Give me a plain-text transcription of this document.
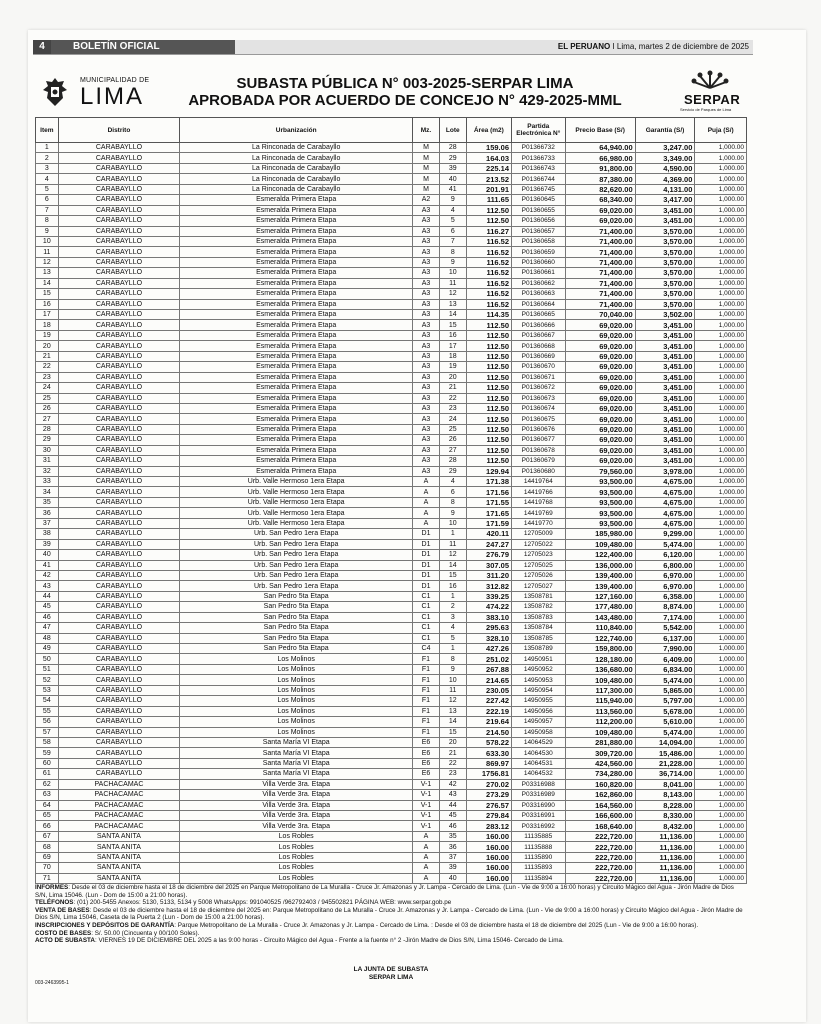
4	BOLETÍN OFICIAL	EL PERUANO I Lima, martes 2 de diciembre de 2025
MUNICIPALIDAD DE
LIMA	SUBASTA PÚBLICA N° 003-2025-SERPAR LIMA
APROBADA POR ACUERDO DE CONCEJO N° 429-2025-MML	SERPAR
Servicio de Parques de Lima
Item	Distrito	Urbanización	Mz.	Lote	Área (m2)	Partida Electrónica N°	Precio Base (S/)	Garantía (S/)	Puja (S/)
1	CARABAYLLO	La Rinconada de Carabayllo	M	28	159.06	P01366732	64,940.00	3,247.00	1,000.00
2	CARABAYLLO	La Rinconada de Carabayllo	M	29	164.03	P01366733	66,980.00	3,349.00	1,000.00
3	CARABAYLLO	La Rinconada de Carabayllo	M	39	225.14	P01366743	91,800.00	4,590.00	1,000.00
4	CARABAYLLO	La Rinconada de Carabayllo	M	40	213.52	P01366744	87,380.00	4,369.00	1,000.00
5	CARABAYLLO	La Rinconada de Carabayllo	M	41	201.91	P01366745	82,620.00	4,131.00	1,000.00
6	CARABAYLLO	Esmeralda Primera Etapa	A2	9	111.65	P01360645	68,340.00	3,417.00	1,000.00
7	CARABAYLLO	Esmeralda Primera Etapa	A3	4	112.50	P01360655	69,020.00	3,451.00	1,000.00
8	CARABAYLLO	Esmeralda Primera Etapa	A3	5	112.50	P01360656	69,020.00	3,451.00	1,000.00
9	CARABAYLLO	Esmeralda Primera Etapa	A3	6	116.27	P01360657	71,400.00	3,570.00	1,000.00
10	CARABAYLLO	Esmeralda Primera Etapa	A3	7	116.52	P01360658	71,400.00	3,570.00	1,000.00
11	CARABAYLLO	Esmeralda Primera Etapa	A3	8	116.52	P01360659	71,400.00	3,570.00	1,000.00
12	CARABAYLLO	Esmeralda Primera Etapa	A3	9	116.52	P01360660	71,400.00	3,570.00	1,000.00
13	CARABAYLLO	Esmeralda Primera Etapa	A3	10	116.52	P01360661	71,400.00	3,570.00	1,000.00
14	CARABAYLLO	Esmeralda Primera Etapa	A3	11	116.52	P01360662	71,400.00	3,570.00	1,000.00
15	CARABAYLLO	Esmeralda Primera Etapa	A3	12	116.52	P01360663	71,400.00	3,570.00	1,000.00
16	CARABAYLLO	Esmeralda Primera Etapa	A3	13	116.52	P01360664	71,400.00	3,570.00	1,000.00
17	CARABAYLLO	Esmeralda Primera Etapa	A3	14	114.35	P01360665	70,040.00	3,502.00	1,000.00
18	CARABAYLLO	Esmeralda Primera Etapa	A3	15	112.50	P01360666	69,020.00	3,451.00	1,000.00
19	CARABAYLLO	Esmeralda Primera Etapa	A3	16	112.50	P01360667	69,020.00	3,451.00	1,000.00
20	CARABAYLLO	Esmeralda Primera Etapa	A3	17	112.50	P01360668	69,020.00	3,451.00	1,000.00
21	CARABAYLLO	Esmeralda Primera Etapa	A3	18	112.50	P01360669	69,020.00	3,451.00	1,000.00
22	CARABAYLLO	Esmeralda Primera Etapa	A3	19	112.50	P01360670	69,020.00	3,451.00	1,000.00
23	CARABAYLLO	Esmeralda Primera Etapa	A3	20	112.50	P01360671	69,020.00	3,451.00	1,000.00
24	CARABAYLLO	Esmeralda Primera Etapa	A3	21	112.50	P01360672	69,020.00	3,451.00	1,000.00
25	CARABAYLLO	Esmeralda Primera Etapa	A3	22	112.50	P01360673	69,020.00	3,451.00	1,000.00
26	CARABAYLLO	Esmeralda Primera Etapa	A3	23	112.50	P01360674	69,020.00	3,451.00	1,000.00
27	CARABAYLLO	Esmeralda Primera Etapa	A3	24	112.50	P01360675	69,020.00	3,451.00	1,000.00
28	CARABAYLLO	Esmeralda Primera Etapa	A3	25	112.50	P01360676	69,020.00	3,451.00	1,000.00
29	CARABAYLLO	Esmeralda Primera Etapa	A3	26	112.50	P01360677	69,020.00	3,451.00	1,000.00
30	CARABAYLLO	Esmeralda Primera Etapa	A3	27	112.50	P01360678	69,020.00	3,451.00	1,000.00
31	CARABAYLLO	Esmeralda Primera Etapa	A3	28	112.50	P01360679	69,020.00	3,451.00	1,000.00
32	CARABAYLLO	Esmeralda Primera Etapa	A3	29	129.94	P01360680	79,560.00	3,978.00	1,000.00
33	CARABAYLLO	Urb. Valle Hermoso 1era Etapa	A	4	171.38	14419764	93,500.00	4,675.00	1,000.00
34	CARABAYLLO	Urb. Valle Hermoso 1era Etapa	A	6	171.56	14419766	93,500.00	4,675.00	1,000.00
35	CARABAYLLO	Urb. Valle Hermoso 1era Etapa	A	8	171.55	14419768	93,500.00	4,675.00	1,000.00
36	CARABAYLLO	Urb. Valle Hermoso 1era Etapa	A	9	171.65	14419769	93,500.00	4,675.00	1,000.00
37	CARABAYLLO	Urb. Valle Hermoso 1era Etapa	A	10	171.59	14419770	93,500.00	4,675.00	1,000.00
38	CARABAYLLO	Urb. San Pedro 1era Etapa	D1	1	420.11	12705009	185,980.00	9,299.00	1,000.00
39	CARABAYLLO	Urb. San Pedro 1era Etapa	D1	11	247.27	12705022	109,480.00	5,474.00	1,000.00
40	CARABAYLLO	Urb. San Pedro 1era Etapa	D1	12	276.79	12705023	122,400.00	6,120.00	1,000.00
41	CARABAYLLO	Urb. San Pedro 1era Etapa	D1	14	307.05	12705025	136,000.00	6,800.00	1,000.00
42	CARABAYLLO	Urb. San Pedro 1era Etapa	D1	15	311.20	12705026	139,400.00	6,970.00	1,000.00
43	CARABAYLLO	Urb. San Pedro 1era Etapa	D1	16	312.82	12705027	139,400.00	6,970.00	1,000.00
44	CARABAYLLO	San Pedro 5ta Etapa	C1	1	339.25	13508781	127,160.00	6,358.00	1,000.00
45	CARABAYLLO	San Pedro 5ta Etapa	C1	2	474.22	13508782	177,480.00	8,874.00	1,000.00
46	CARABAYLLO	San Pedro 5ta Etapa	C1	3	383.10	13508783	143,480.00	7,174.00	1,000.00
47	CARABAYLLO	San Pedro 5ta Etapa	C1	4	295.63	13508784	110,840.00	5,542.00	1,000.00
48	CARABAYLLO	San Pedro 5ta Etapa	C1	5	328.10	13508785	122,740.00	6,137.00	1,000.00
49	CARABAYLLO	San Pedro 5ta Etapa	C4	1	427.26	13508789	159,800.00	7,990.00	1,000.00
50	CARABAYLLO	Los Molinos	F1	8	251.02	14950951	128,180.00	6,409.00	1,000.00
51	CARABAYLLO	Los Molinos	F1	9	267.88	14950952	136,680.00	6,834.00	1,000.00
52	CARABAYLLO	Los Molinos	F1	10	214.65	14950953	109,480.00	5,474.00	1,000.00
53	CARABAYLLO	Los Molinos	F1	11	230.05	14950954	117,300.00	5,865.00	1,000.00
54	CARABAYLLO	Los Molinos	F1	12	227.42	14950955	115,940.00	5,797.00	1,000.00
55	CARABAYLLO	Los Molinos	F1	13	222.19	14950956	113,560.00	5,678.00	1,000.00
56	CARABAYLLO	Los Molinos	F1	14	219.64	14950957	112,200.00	5,610.00	1,000.00
57	CARABAYLLO	Los Molinos	F1	15	214.50	14950958	109,480.00	5,474.00	1,000.00
58	CARABAYLLO	Santa María VI Etapa	E6	20	578.22	14064529	281,880.00	14,094.00	1,000.00
59	CARABAYLLO	Santa María VI Etapa	E6	21	633.30	14064530	309,720.00	15,486.00	1,000.00
60	CARABAYLLO	Santa María VI Etapa	E6	22	869.97	14064531	424,560.00	21,228.00	1,000.00
61	CARABAYLLO	Santa María VI Etapa	E6	23	1756.81	14064532	734,280.00	36,714.00	1,000.00
62	PACHACAMAC	Villa Verde 3ra. Etapa	V-1	42	270.02	P03316988	160,820.00	8,041.00	1,000.00
63	PACHACAMAC	Villa Verde 3ra. Etapa	V-1	43	273.29	P03316989	162,860.00	8,143.00	1,000.00
64	PACHACAMAC	Villa Verde 3ra. Etapa	V-1	44	276.57	P03316990	164,560.00	8,228.00	1,000.00
65	PACHACAMAC	Villa Verde 3ra. Etapa	V-1	45	279.84	P03316991	166,600.00	8,330.00	1,000.00
66	PACHACAMAC	Villa Verde 3ra. Etapa	V-1	46	283.12	P03316992	168,640.00	8,432.00	1,000.00
67	SANTA ANITA	Los Robles	A	35	160.00	11135885	222,720.00	11,136.00	1,000.00
68	SANTA ANITA	Los Robles	A	36	160.00	11135888	222,720.00	11,136.00	1,000.00
69	SANTA ANITA	Los Robles	A	37	160.00	11135890	222,720.00	11,136.00	1,000.00
70	SANTA ANITA	Los Robles	A	39	160.00	11135893	222,720.00	11,136.00	1,000.00
71	SANTA ANITA	Los Robles	A	40	160.00	11135894	222,720.00	11,136.00	1,000.00

INFORMES: Desde el 03 de diciembre hasta el 18 de diciembre del 2025 en Parque Metropolitano de La Muralla - Cruce Jr. Amazonas y Jr. Lampa - Cercado de Lima. (Lun - Vie de 9:00 a 16:00 horas) y Circuito Mágico del Agua - Jirón Madre de Dios S/N, Lima 15046. (Lun - Dom de 15:00 a 21:00 horas).

TELÉFONOS: (01) 200-5455 Anexos: 5130, 5133, 5134 y 5008 WhatsApps: 991040525 /962792403 / 945502821 PÁGINA WEB: www.serpar.gob.pe

VENTA DE BASES: Desde el 03 de diciembre hasta el 18 de diciembre del 2025 en: Parque Metropolitano de La Muralla - Cruce Jr. Amazonas y Jr. Lampa - Cercado de Lima. (Lun - Vie de 9:00 a 16:00 horas) y Circuito Mágico del Agua - Jirón Madre de Dios S/N, Lima 15046, Caseta de la Puerta 2 (Lun - Dom de 15:00 a 21:00 horas).

INSCRIPCIONES Y DEPÓSITOS DE GARANTÍA: Parque Metropolitano de La Muralla - Cruce Jr. Amazonas y Jr. Lampa - Cercado de Lima. : Desde el 03 de diciembre hasta el 18 de diciembre del 2025 (Lun - Vie de 9:00 a 16:00 horas).

COSTO DE BASES: S/. 50.00 (Cincuenta y 00/100 Soles).

ACTO DE SUBASTA: VIERNES 19 DE DICIEMBRE DEL 2025 a las 9:00 horas - Circuito Mágico del Agua - Frente a la fuente n° 2 -Jirón Madre de Dios S/N, Lima 15046- Cercado de Lima.

LA JUNTA DE SUBASTA
SERPAR LIMA
003-2463995-1
